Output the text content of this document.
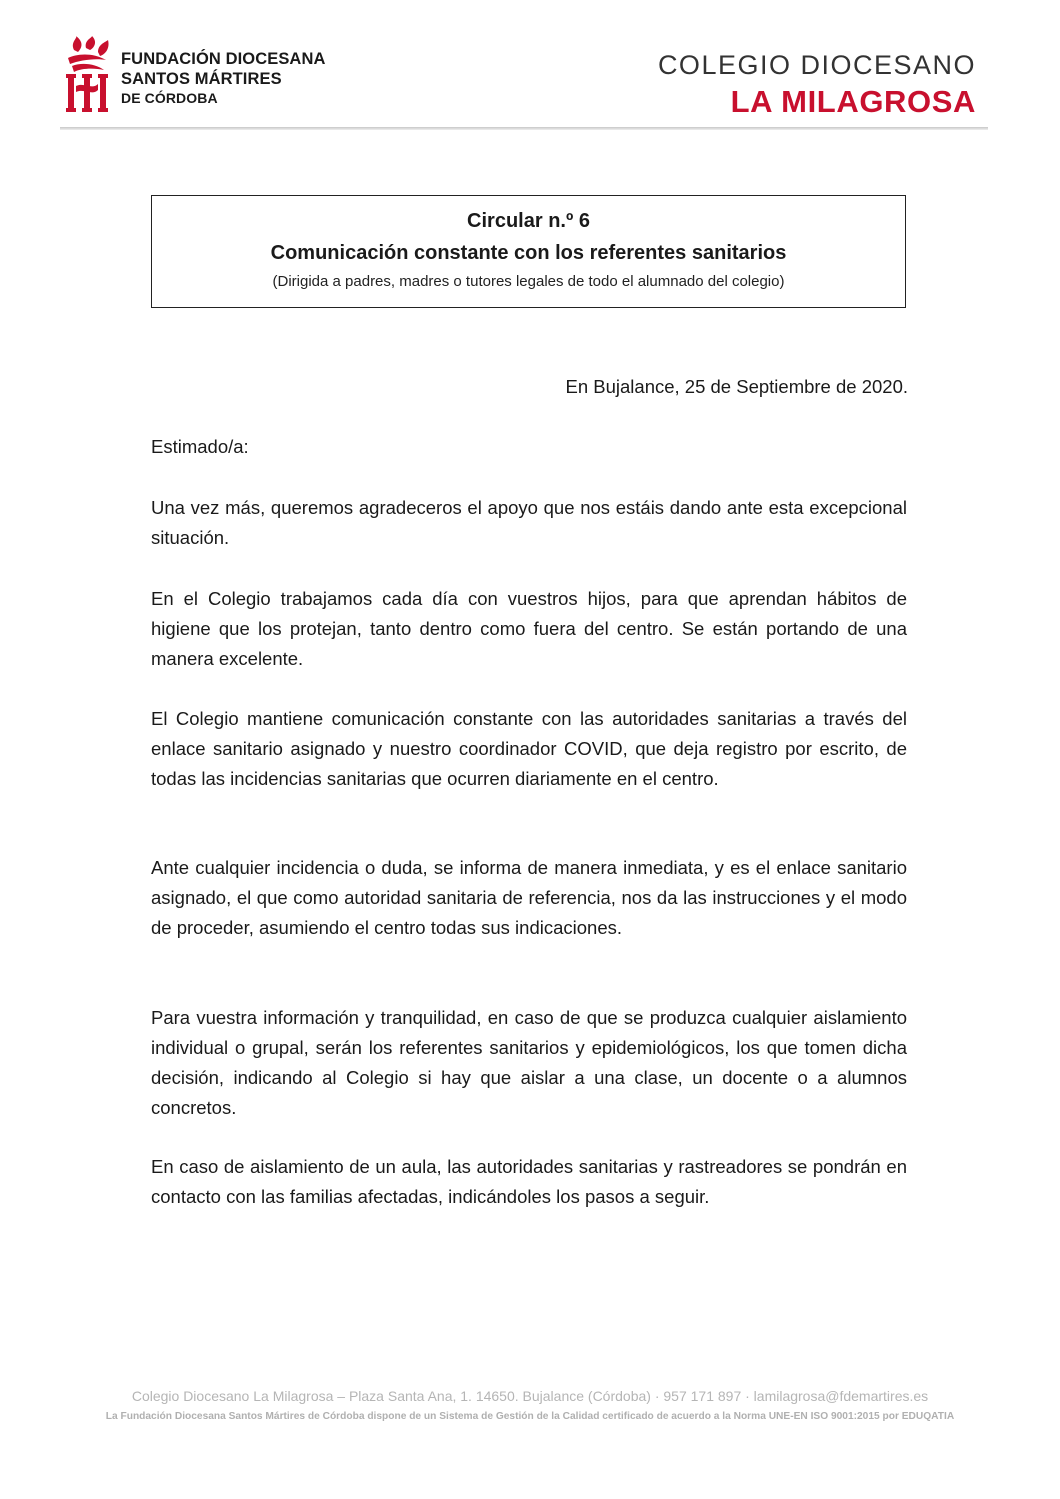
FUNDACIÓN DIOCESANA
SANTOS MÁRTIRES
DE CÓRDOBA
COLEGIO DIOCESANO
LA MILAGROSA
Circular n.º 6
Comunicación constante con los referentes sanitarios
(Dirigida a padres, madres o tutores legales de todo el alumnado del colegio)
En Bujalance, 25 de Septiembre de 2020.
Estimado/a:
Una vez más, queremos agradeceros el apoyo que nos estáis dando ante esta excepcional situación.
En el Colegio trabajamos cada día con vuestros hijos, para que aprendan hábitos de higiene que los protejan, tanto dentro como fuera del centro. Se están portando de una manera excelente.
El Colegio mantiene comunicación constante con las autoridades sanitarias a través del enlace sanitario asignado y nuestro coordinador COVID, que deja registro por escrito, de todas las incidencias sanitarias que ocurren diariamente en el centro.
Ante cualquier incidencia o duda, se informa de manera inmediata, y es el enlace sanitario asignado, el que como autoridad sanitaria de referencia, nos da las instrucciones y el modo de proceder, asumiendo el centro todas sus indicaciones.
Para vuestra información y tranquilidad, en caso de que se produzca cualquier aislamiento individual o grupal, serán los referentes sanitarios y epidemiológicos, los que tomen dicha decisión, indicando al Colegio si hay que aislar a una clase, un docente o a alumnos concretos.
En caso de aislamiento de un aula, las autoridades sanitarias y rastreadores se pondrán en contacto con las familias afectadas, indicándoles los pasos a seguir.
Colegio Diocesano La Milagrosa – Plaza Santa Ana, 1. 14650. Bujalance (Córdoba) · 957 171 897 · lamilagrosa@fdemartires.es
La Fundación Diocesana Santos Mártires de Córdoba dispone de un Sistema de Gestión de la Calidad certificado de acuerdo a la Norma UNE-EN ISO 9001:2015 por EDUQATIA
